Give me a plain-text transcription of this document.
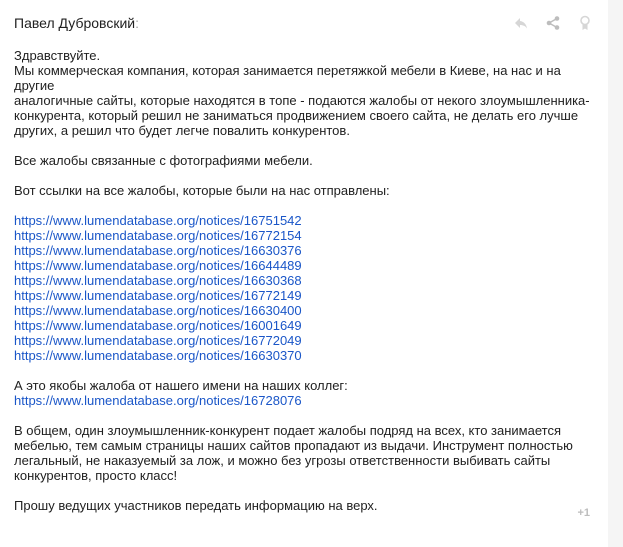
Павел Дубровский:

Здравствуйте.

Мы коммерческая компания, которая занимается перетяжкой мебели в Киеве, на нас и на другие

аналогичные сайты, которые находятся в топе - подаются жалобы от некого злоумышленника-

конкурента, который решил не заниматься продвижением своего сайта, не делать его лучше

других, а решил что будет легче повалить конкурентов.

Все жалобы связанные с фотографиями мебели.

Вот ссылки на все жалобы, которые были на нас отправлены:

https://www.lumendatabase.org/notices/16751542
https://www.lumendatabase.org/notices/16772154
https://www.lumendatabase.org/notices/16630376
https://www.lumendatabase.org/notices/16644489
https://www.lumendatabase.org/notices/16630368
https://www.lumendatabase.org/notices/16772149
https://www.lumendatabase.org/notices/16630400
https://www.lumendatabase.org/notices/16001649
https://www.lumendatabase.org/notices/16772049
https://www.lumendatabase.org/notices/16630370

А это якобы жалоба от нашего имени на наших коллег:

https://www.lumendatabase.org/notices/16728076

В общем, один злоумышленник-конкурент подает жалобы подряд на всех, кто занимается

мебелью, тем самым страницы наших сайтов пропадают из выдачи. Инструмент полностью

легальный, не наказуемый за лож, и можно без угрозы ответственности выбивать сайты

конкурентов, просто класс!

Прошу ведущих участников передать информацию на верх.	+1
